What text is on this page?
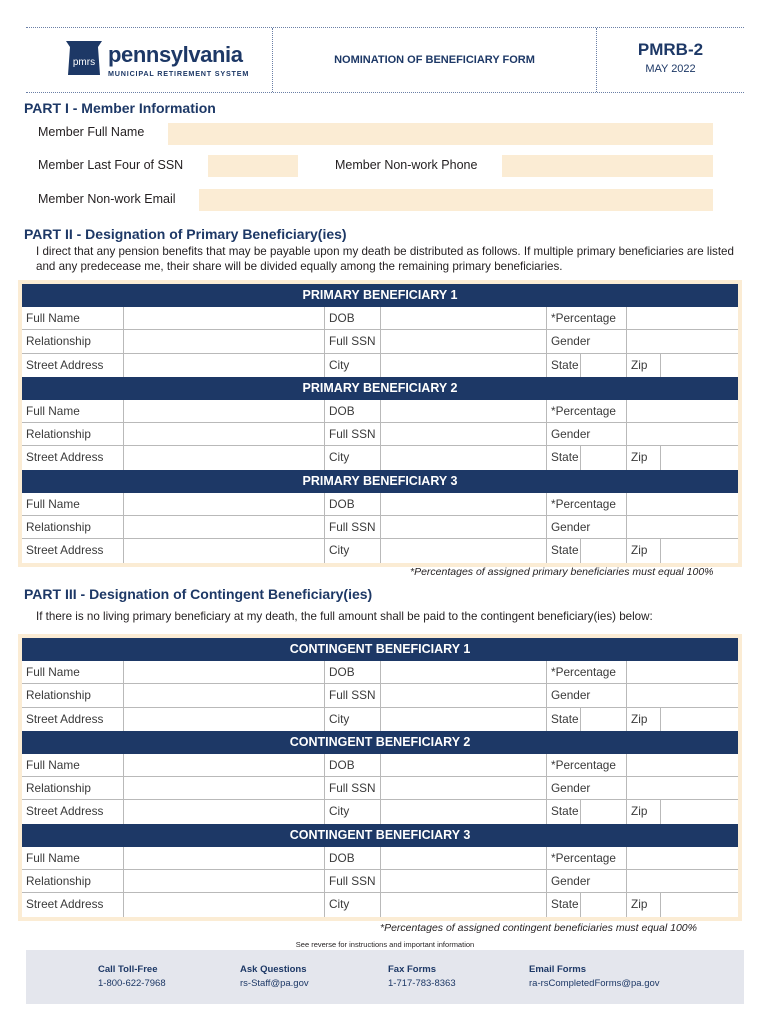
pmrs pennsylvania
MUNICIPAL RETIREMENT SYSTEM
NOMINATION OF BENEFICIARY FORM
PMRB-2
MAY 2022
PART I - Member Information
Member Full Name
Member Last Four of SSN	Member Non-work Phone
Member Non-work Email
PART II - Designation of Primary Beneficiary(ies)
I direct that any pension benefits that may be payable upon my death be distributed as follows. If multiple primary beneficiaries are listed and any predecease me, their share will be divided equally among the remaining primary beneficiaries.
PRIMARY BENEFICIARY 1
Full Name	DOB	*Percentage
Relationship	Full SSN	Gender
Street Address	City	State	Zip
PRIMARY BENEFICIARY 2
Full Name	DOB	*Percentage
Relationship	Full SSN	Gender
Street Address	City	State	Zip
PRIMARY BENEFICIARY 3
Full Name	DOB	*Percentage
Relationship	Full SSN	Gender
Street Address	City	State	Zip
*Percentages of assigned primary beneficiaries must equal 100%
PART III - Designation of Contingent Beneficiary(ies)
If there is no living primary beneficiary at my death, the full amount shall be paid to the contingent beneficiary(ies) below:
CONTINGENT BENEFICIARY 1
Full Name	DOB	*Percentage
Relationship	Full SSN	Gender
Street Address	City	State	Zip
CONTINGENT BENEFICIARY 2
Full Name	DOB	*Percentage
Relationship	Full SSN	Gender
Street Address	City	State	Zip
CONTINGENT BENEFICIARY 3
Full Name	DOB	*Percentage
Relationship	Full SSN	Gender
Street Address	City	State	Zip
*Percentages of assigned contingent beneficiaries must equal 100%
See reverse for instructions and important information
Call Toll-Free
1-800-622-7968
Ask Questions
rs-Staff@pa.gov
Fax Forms
1-717-783-8363
Email Forms
ra-rsCompletedForms@pa.gov
